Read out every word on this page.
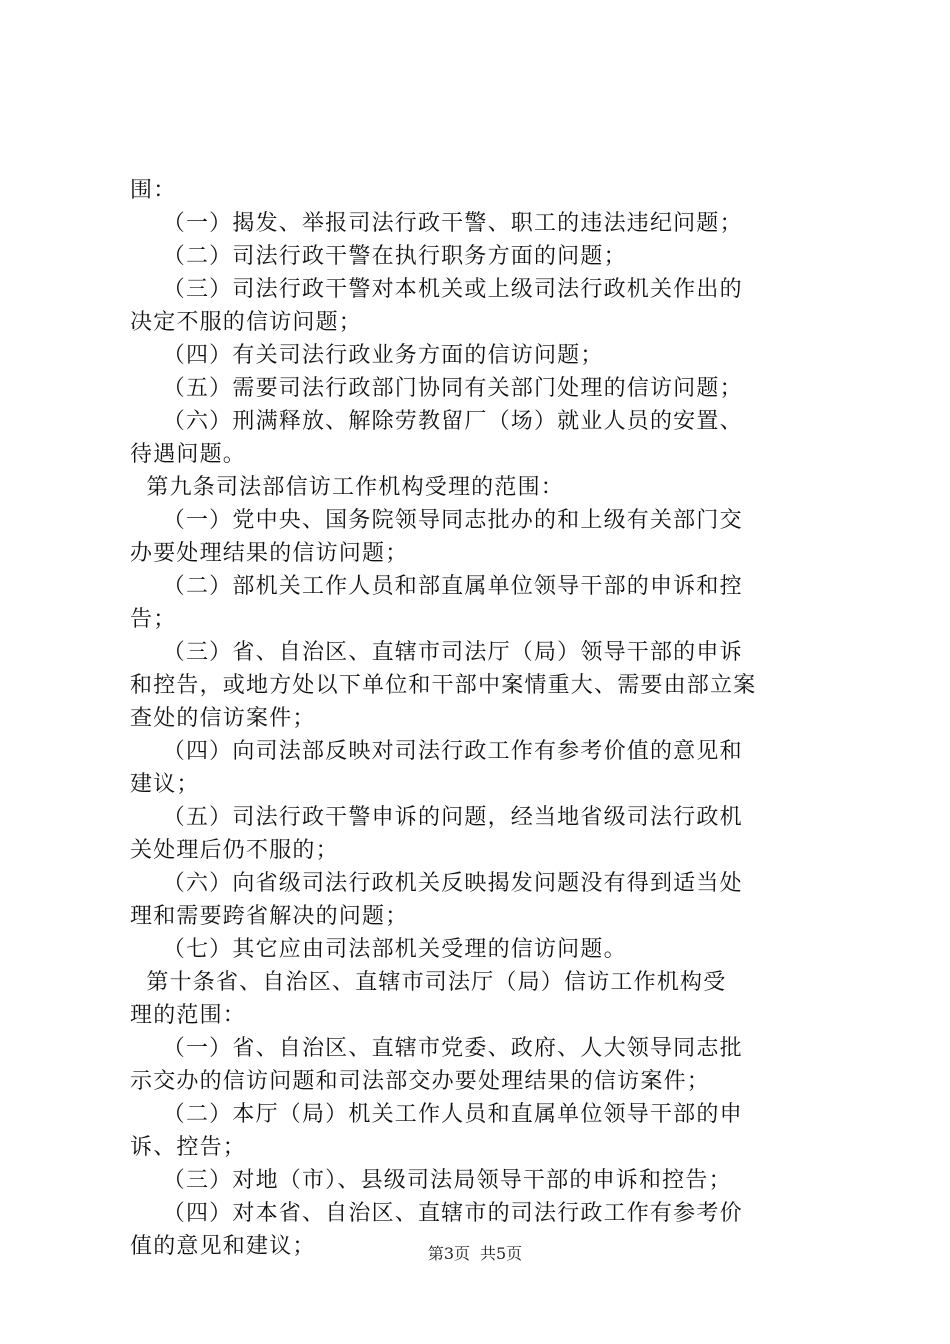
围：
（一）揭发、举报司法行政干警、职工的违法违纪问题；
（二）司法行政干警在执行职务方面的问题；
（三）司法行政干警对本机关或上级司法行政机关作出的
决定不服的信访问题；
（四）有关司法行政业务方面的信访问题；
（五）需要司法行政部门协同有关部门处理的信访问题；
（六）刑满释放、解除劳教留厂（场）就业人员的安置、
待遇问题。
第九条司法部信访工作机构受理的范围：
（一）党中央、国务院领导同志批办的和上级有关部门交
办要处理结果的信访问题；
（二）部机关工作人员和部直属单位领导干部的申诉和控
告；
（三）省、自治区、直辖市司法厅（局）领导干部的申诉
和控告，或地方处以下单位和干部中案情重大、需要由部立案
查处的信访案件；
（四）向司法部反映对司法行政工作有参考价值的意见和
建议；
（五）司法行政干警申诉的问题，经当地省级司法行政机
关处理后仍不服的；
（六）向省级司法行政机关反映揭发问题没有得到适当处
理和需要跨省解决的问题；
（七）其它应由司法部机关受理的信访问题。
第十条省、自治区、直辖市司法厅（局）信访工作机构受
理的范围：
（一）省、自治区、直辖市党委、政府、人大领导同志批
示交办的信访问题和司法部交办要处理结果的信访案件；
（二）本厅（局）机关工作人员和直属单位领导干部的申
诉、控告；
（三）对地（市）、县级司法局领导干部的申诉和控告；
（四）对本省、自治区、直辖市的司法行政工作有参考价
值的意见和建议；	第3页 共5页
